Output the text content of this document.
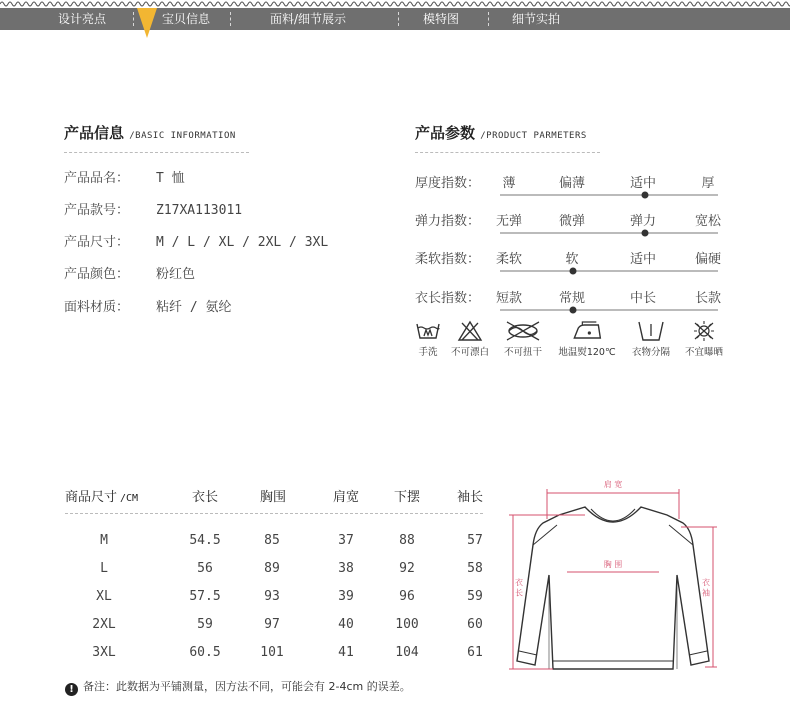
设计亮点	宝贝信息	面料/细节展示	模特图	细节实拍
产品信息 /BASIC INFORMATION
产品品名： T 恤
产品款号： Z17XA113011
产品尺寸： M / L / XL / 2XL / 3XL
产品颜色： 粉红色
面料材质： 粘纤 / 氨纶
产品参数 /PRODUCT PARMETERS
厚度指数： 薄	偏薄	适中	厚
弹力指数： 无弹	微弹	弹力	宽松
柔软指数： 柔软	软	适中	偏硬
衣长指数： 短款	常规	中长	长款
手洗	不可漂白 不可扭干 地温熨120℃ 衣物分隔 不宜曝晒
商品尺寸 /CM	衣长	胸围	肩宽	下摆	袖长
M	54.5	85	37	88	57
L	56	89	38	92	58
XL	57.5	93	39	96	59
2XL	59	97	40	100	60
3XL	60.5	101	41	104	61
肩 宽
胸 围
衣 长	衣 袖
! 备注：此数据为平铺测量，因方法不同，可能会有 2-4cm 的误差。
